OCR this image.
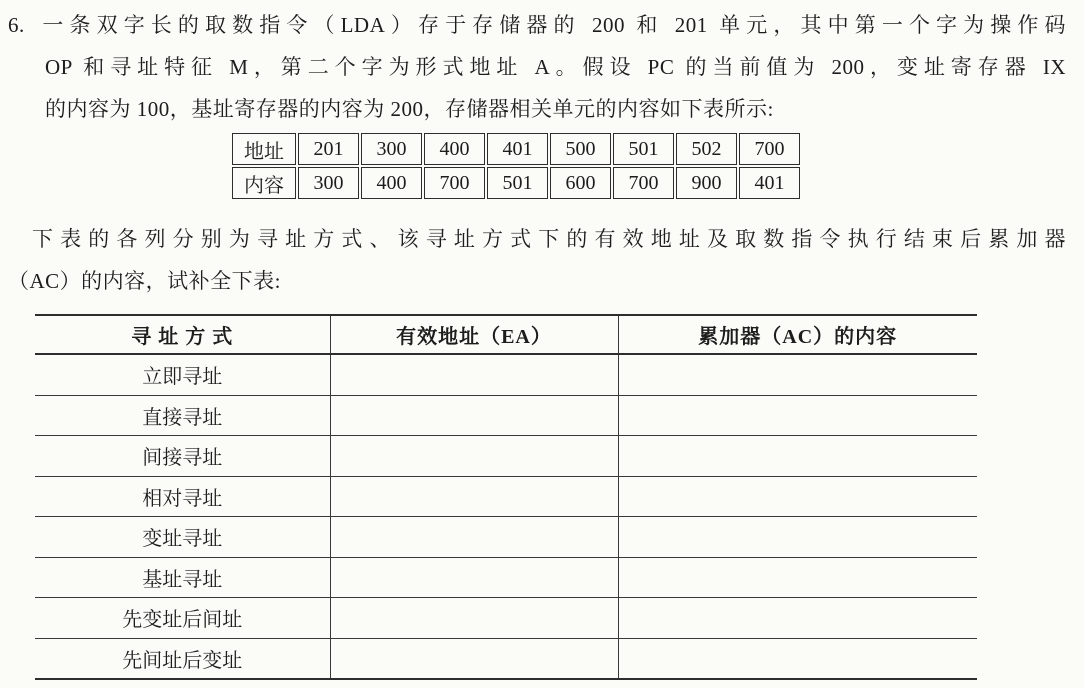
6. 一条双字长的取数指令（LDA）存于存储器的 200 和 201 单元，其中第一个字为操作码
OP 和寻址特征 M，第二个字为形式地址 A。假设 PC 的当前值为 200，变址寄存器 IX
的内容为 100，基址寄存器的内容为 200，存储器相关单元的内容如下表所示:
地址	201	300	400	401	500	501	502	700
内容	300	400	700	501	600	700	900	401
下表的各列分别为寻址方式、该寻址方式下的有效地址及取数指令执行结束后累加器
（AC）的内容，试补全下表:
寻 址 方 式	有效地址（EA）	累加器（AC）的内容
立即寻址		
直接寻址		
间接寻址		
相对寻址		
变址寻址		
基址寻址		
先变址后间址		
先间址后变址		
